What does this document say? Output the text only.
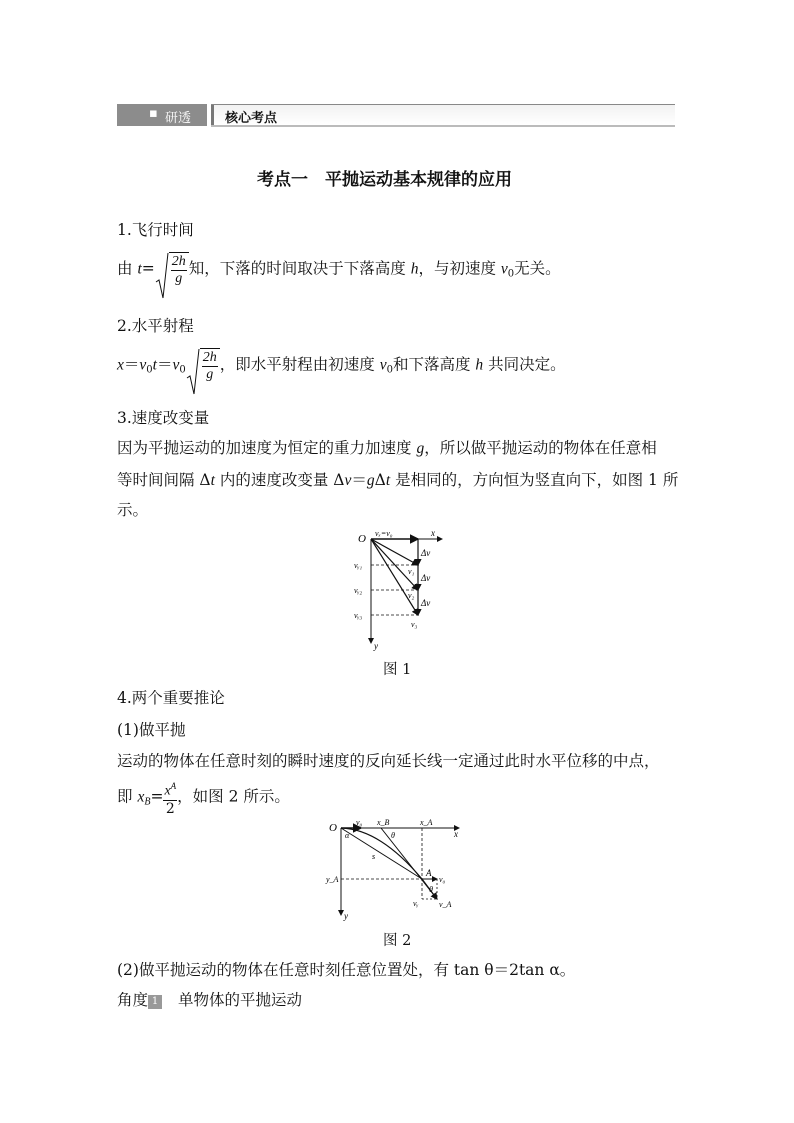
▪ 研透	核心考点
考点一　平抛运动基本规律的应用
1.飞行时间
由 $t= \frac{2h}{g}$ 知，下落的时间取决于下落高度 h，与初速度 $v_0$无关。
2.水平射程
$x=v_0t=v_0 \frac{2h}{g}$ ，即水平射程由初速度 $v_0$和下落高度 h 共同决定。
3.速度改变量
因为平抛运动的加速度为恒定的重力加速度 g，所以做平抛运动的物体在任意相
等时间间隔 Δt 内的速度改变量 Δv＝gΔt 是相同的，方向恒为竖直向下，如图 1 所
示。
O	x
y
vₓ=v₀
Δv
Δv
Δv
v₁
v₂
v₃
vᵧ₁
vᵧ₂
vᵧ₃
图 1
4.两个重要推论
(1)做平抛
运动的物体在任意时刻的瞬时速度的反向延长线一定通过此时水平位移的中点，
即 $x_B= \frac{x^A}{2}$ ，如图 2 所示。
O	x
y
v₀ x_B	x_A
θ
α
s
A
y_A	v₀
θ
vᵧ	v_A
图 2
(2)做平抛运动的物体在任意时刻任意位置处，有 tan θ＝2tan α。
角度 1 单物体的平抛运动
